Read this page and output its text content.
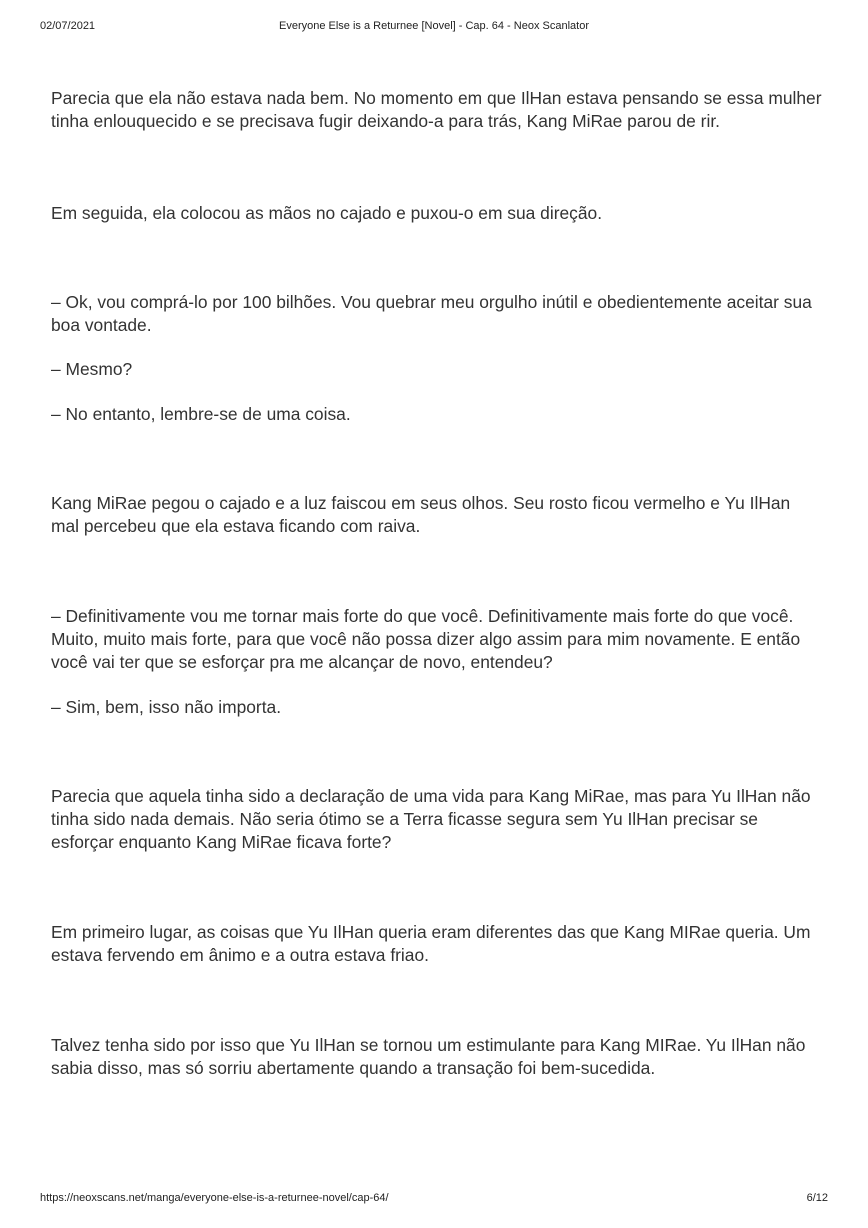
02/07/2021	Everyone Else is a Returnee [Novel] - Cap. 64 - Neox Scanlator

Parecia que ela não estava nada bem. No momento em que IlHan estava pensando se essa mulher tinha enlouquecido e se precisava fugir deixando-a para trás, Kang MiRae parou de rir.

Em seguida, ela colocou as mãos no cajado e puxou-o em sua direção.

– Ok, vou comprá-lo por 100 bilhões. Vou quebrar meu orgulho inútil e obedientemente aceitar sua boa vontade.

– Mesmo?

– No entanto, lembre-se de uma coisa.

Kang MiRae pegou o cajado e a luz faiscou em seus olhos. Seu rosto ficou vermelho e Yu IlHan mal percebeu que ela estava ficando com raiva.

– Definitivamente vou me tornar mais forte do que você. Definitivamente mais forte do que você. Muito, muito mais forte, para que você não possa dizer algo assim para mim novamente. E então você vai ter que se esforçar pra me alcançar de novo, entendeu?

– Sim, bem, isso não importa.

Parecia que aquela tinha sido a declaração de uma vida para Kang MiRae, mas para Yu IlHan não tinha sido nada demais. Não seria ótimo se a Terra ficasse segura sem Yu IlHan precisar se esforçar enquanto Kang MiRae ficava forte?

Em primeiro lugar, as coisas que Yu IlHan queria eram diferentes das que Kang MIRae queria. Um estava fervendo em ânimo e a outra estava friao.

Talvez tenha sido por isso que Yu IlHan se tornou um estimulante para Kang MIRae. Yu IlHan não sabia disso, mas só sorriu abertamente quando a transação foi bem-sucedida.

https://neoxscans.net/manga/everyone-else-is-a-returnee-novel/cap-64/	6/12
